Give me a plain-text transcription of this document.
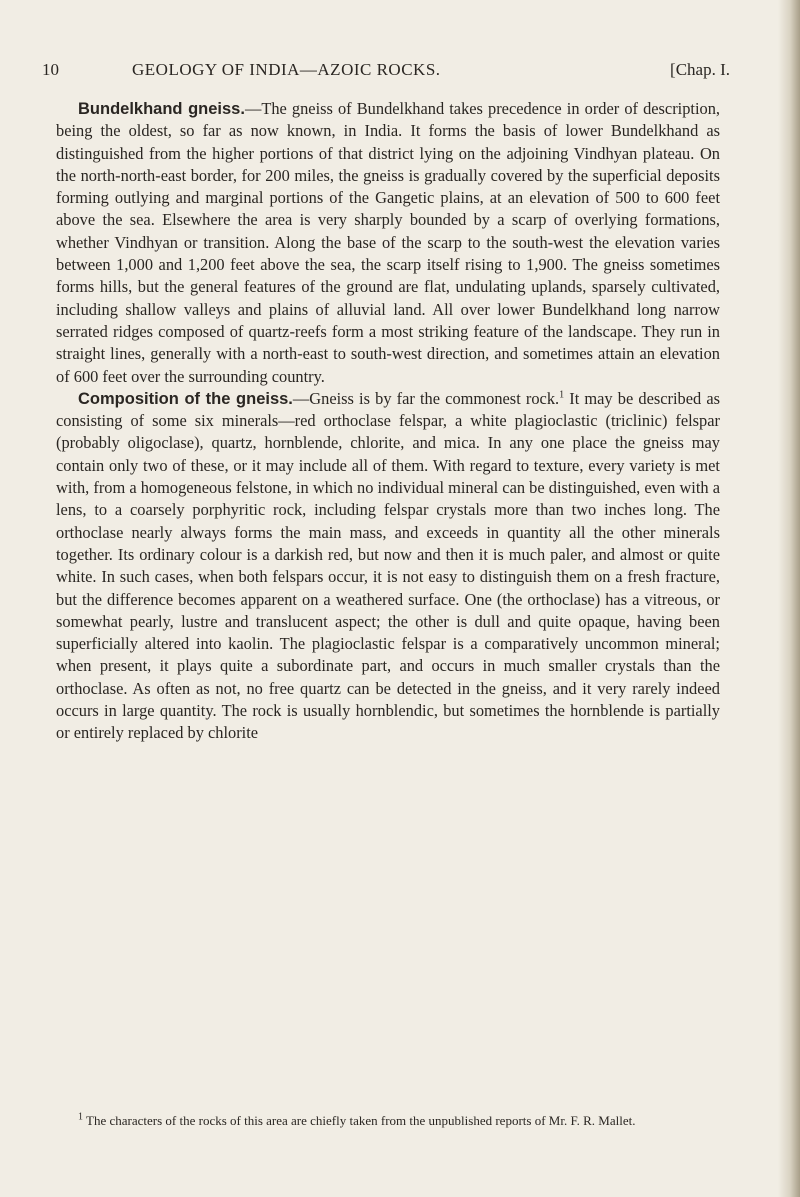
10	GEOLOGY OF INDIA—AZOIC ROCKS.	[Chap. I.

Bundelkhand gneiss.—The gneiss of Bundelkhand takes precedence in order of description, being the oldest, so far as now known, in India. It forms the basis of lower Bundelkhand as distinguished from the higher portions of that district lying on the adjoining Vindhyan plateau. On the north-north-east border, for 200 miles, the gneiss is gradually covered by the superficial deposits forming outlying and marginal portions of the Gangetic plains, at an elevation of 500 to 600 feet above the sea. Elsewhere the area is very sharply bounded by a scarp of overlying formations, whether Vindhyan or transition. Along the base of the scarp to the south-west the elevation varies between 1,000 and 1,200 feet above the sea, the scarp itself rising to 1,900. The gneiss sometimes forms hills, but the general features of the ground are flat, undulating uplands, sparsely cultivated, including shallow valleys and plains of alluvial land. All over lower Bundelkhand long narrow serrated ridges composed of quartz-reefs form a most striking feature of the landscape. They run in straight lines, generally with a north-east to south-west direction, and sometimes attain an elevation of 600 feet over the surrounding country.

Composition of the gneiss.—Gneiss is by far the commonest rock.$^1$ It may be described as consisting of some six minerals—red orthoclase felspar, a white plagioclastic (triclinic) felspar (probably oligoclase), quartz, hornblende, chlorite, and mica. In any one place the gneiss may contain only two of these, or it may include all of them. With regard to texture, every variety is met with, from a homogeneous felstone, in which no individual mineral can be distinguished, even with a lens, to a coarsely porphyritic rock, including felspar crystals more than two inches long. The orthoclase nearly always forms the main mass, and exceeds in quantity all the other minerals together. Its ordinary colour is a darkish red, but now and then it is much paler, and almost or quite white. In such cases, when both felspars occur, it is not easy to distinguish them on a fresh fracture, but the difference becomes apparent on a weathered surface. One (the orthoclase) has a vitreous, or somewhat pearly, lustre and translucent aspect; the other is dull and quite opaque, having been superficially altered into kaolin. The plagioclastic felspar is a comparatively uncommon mineral; when present, it plays quite a subordinate part, and occurs in much smaller crystals than the orthoclase. As often as not, no free quartz can be detected in the gneiss, and it very rarely indeed occurs in large quantity. The rock is usually hornblendic, but sometimes the hornblende is partially or entirely replaced by chlorite

$^1$ The characters of the rocks of this area are chiefly taken from the unpublished reports of Mr. F. R. Mallet.
